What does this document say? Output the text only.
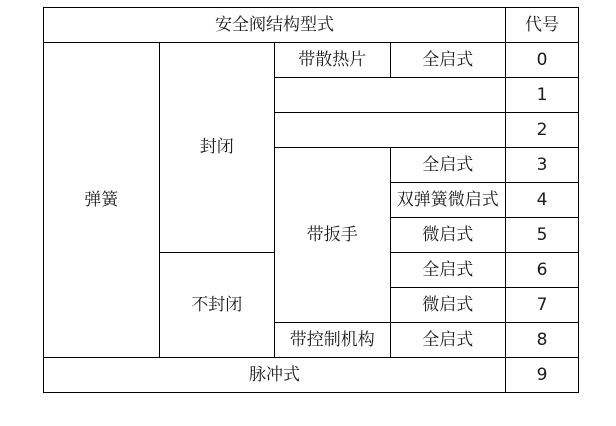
安全阀结构型式				代号
弹簧	封闭	带散热片	全启式	0
				1
				2
		带扳手	全启式	3
			双弹簧微启式	4
			微启式	5
	不封闭		全启式	6
			微启式	7
		带控制机构	全启式	8
脉冲式				9
